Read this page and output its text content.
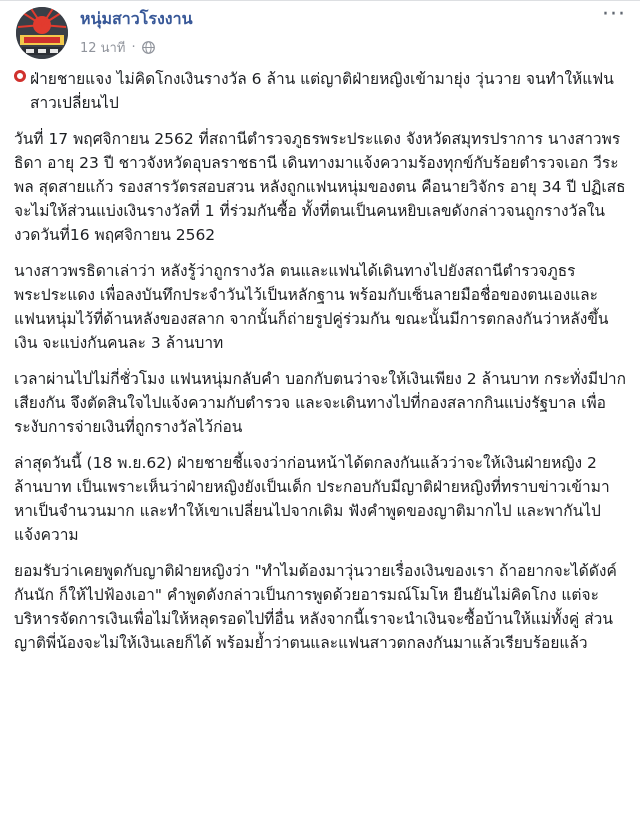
หนุ่มสาวโรงงาน
12 นาที ·
···

ฝ่ายชายแจง ไม่คิดโกงเงินรางวัล 6 ล้าน แต่ญาติฝ่ายหญิงเข้ามายุ่ง วุ่นวาย จนทำให้แฟนสาวเปลี่ยนไป

วันที่ 17 พฤศจิกายน 2562 ที่สถานีตำรวจภูธรพระประแดง จังหวัดสมุทรปราการ นางสาวพรธิดา อายุ 23 ปี ชาวจังหวัดอุบลราชธานี เดินทางมาแจ้งความร้องทุกข์กับร้อยตำรวจเอก วีระพล สุดสายแก้ว รองสารวัตรสอบสวน หลังถูกแฟนหนุ่มของตน คือนายวิจักร อายุ 34 ปี ปฏิเสธจะไม่ให้ส่วนแบ่งเงินรางวัลที่ 1 ที่ร่วมกันซื้อ ทั้งที่ตนเป็นคนหยิบเลขดังกล่าวจนถูกรางวัลในงวดวันที่16 พฤศจิกายน 2562

นางสาวพรธิดาเล่าว่า หลังรู้ว่าถูกรางวัล ตนและแฟนได้เดินทางไปยังสถานีตำรวจภูธรพระประแดง เพื่อลงบันทึกประจำวันไว้เป็นหลักฐาน พร้อมกับเซ็นลายมือชื่อของตนเองและแฟนหนุ่มไว้ที่ด้านหลังของสลาก จากนั้นก็ถ่ายรูปคู่ร่วมกัน ขณะนั้นมีการตกลงกันว่าหลังขึ้นเงิน จะแบ่งกันคนละ 3 ล้านบาท

เวลาผ่านไปไม่กี่ชั่วโมง แฟนหนุ่มกลับคำ บอกกับตนว่าจะให้เงินเพียง 2 ล้านบาท กระทั่งมีปากเสียงกัน จึงตัดสินใจไปแจ้งความกับตำรวจ และจะเดินทางไปที่กองสลากกินแบ่งรัฐบาล เพื่อระงับการจ่ายเงินที่ถูกรางวัลไว้ก่อน

ล่าสุดวันนี้ (18 พ.ย.62) ฝ่ายชายชี้แจงว่าก่อนหน้าได้ตกลงกันแล้วว่าจะให้เงินฝ่ายหญิง 2 ล้านบาท เป็นเพราะเห็นว่าฝ่ายหญิงยังเป็นเด็ก ประกอบกับมีญาติฝ่ายหญิงที่ทราบข่าวเข้ามาหาเป็นจำนวนมาก และทำให้เขาเปลี่ยนไปจากเดิม ฟังคำพูดของญาติมากไป และพากันไปแจ้งความ

ยอมรับว่าเคยพูดกับญาติฝ่ายหญิงว่า "ทำไมต้องมาวุ่นวายเรื่องเงินของเรา ถ้าอยากจะได้ดังค์กันนัก ก็ให้ไปฟ้องเอา" คำพูดดังกล่าวเป็นการพูดด้วยอารมณ์โมโห ยืนยันไม่คิดโกง แต่จะบริหารจัดการเงินเพื่อไม่ให้หลุดรอดไปที่อื่น หลังจากนี้เราจะนำเงินจะซื้อบ้านให้แม่ทั้งคู่ ส่วนญาติพี่น้องจะไม่ให้เงินเลยก็ได้ พร้อมย้ำว่าตนและแฟนสาวตกลงกันมาแล้วเรียบร้อยแล้ว
